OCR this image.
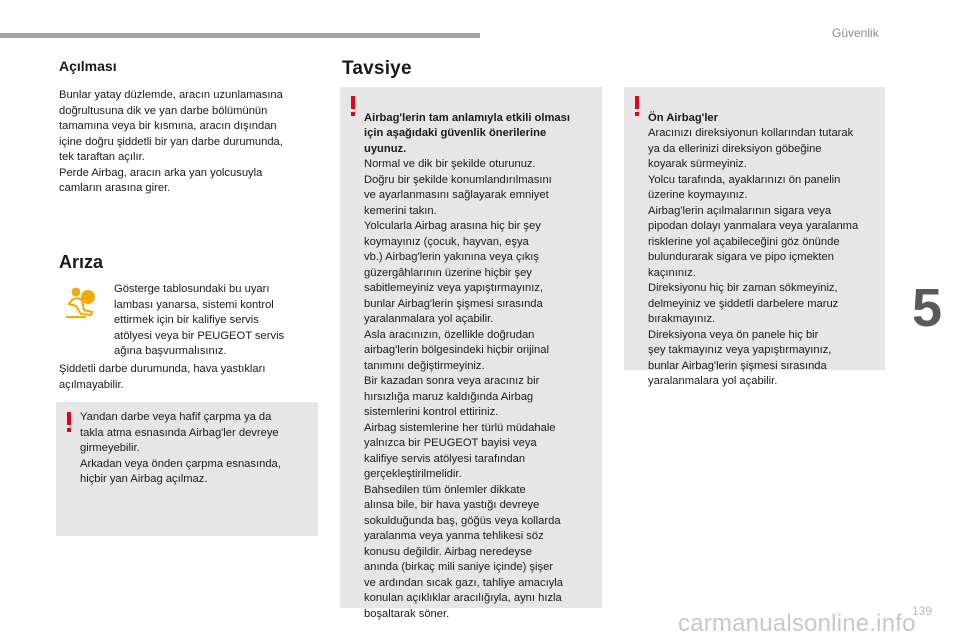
Güvenlik
5
Açılması
Bunlar yatay düzlemde, aracın uzunlamasına
doğrultusuna dik ve yan darbe bölümünün
tamamına veya bir kısmına, aracın dışından
içine doğru şiddetli bir yan darbe durumunda,
tek taraftan açılır.
Perde Airbag, aracın arka yan yolcusuyla
camların arasına girer.
Arıza
Gösterge tablosundaki bu uyarı
lambası yanarsa, sistemi kontrol
ettirmek için bir kalifiye servis
atölyesi veya bir PEUGEOT servis
ağına başvurmalısınız.
Şiddetli darbe durumunda, hava yastıkları
açılmayabilir.
Yandan darbe veya hafif çarpma ya da
takla atma esnasında Airbag'ler devreye
girmeyebilir.
Arkadan veya önden çarpma esnasında,
hiçbir yan Airbag açılmaz.
Tavsiye

Airbag'lerin tam anlamıyla etkili olması
için aşağıdaki güvenlik önerilerine
uyunuz.

Normal ve dik bir şekilde oturunuz.
Doğru bir şekilde konumlandırılmasını
ve ayarlanmasını sağlayarak emniyet
kemerini takın.
Yolcularla Airbag arasına hiç bir şey
koymayınız (çocuk, hayvan, eşya
vb.) Airbag'lerin yakınına veya çıkış
güzergâhlarının üzerine hiçbir şey
sabitlemeyiniz veya yapıştırmayınız,
bunlar Airbag'lerin şişmesi sırasında
yaralanmalara yol açabilir.
Asla aracınızın, özellikle doğrudan
airbag'lerin bölgesindeki hiçbir orijinal
tanımını değiştirmeyiniz.
Bir kazadan sonra veya aracınız bir
hırsızlığa maruz kaldığında Airbag
sistemlerini kontrol ettiriniz.
Airbag sistemlerine her türlü müdahale
yalnızca bir PEUGEOT bayisi veya
kalifiye servis atölyesi tarafından
gerçekleştirilmelidir.
Bahsedilen tüm önlemler dikkate
alınsa bile, bir hava yastığı devreye
sokulduğunda baş, göğüs veya kollarda
yaralanma veya yanma tehlikesi söz
konusu değildir. Airbag neredeyse
anında (birkaç mili saniye içinde) şişer
ve ardından sıcak gazı, tahliye amacıyla
konulan açıklıklar aracılığıyla, aynı hızla
boşaltarak söner.

Ön Airbag'ler

Aracınızı direksiyonun kollarından tutarak
ya da ellerinizi direksiyon göbeğine
koyarak sürmeyiniz.
Yolcu tarafında, ayaklarınızı ön panelin
üzerine koymayınız.
Airbag'lerin açılmalarının sigara veya
pipodan dolayı yanmalara veya yaralanma
risklerine yol açabileceğini göz önünde
bulundurarak sigara ve pipo içmekten
kaçınınız.
Direksiyonu hiç bir zaman sökmeyiniz,
delmeyiniz ve şiddetli darbelere maruz
bırakmayınız.
Direksiyona veya ön panele hiç bir
şey takmayınız veya yapıştırmayınız,
bunlar Airbag'lerin şişmesi sırasında
yaralanmalara yol açabilir.

139
carmanualsonline.info
